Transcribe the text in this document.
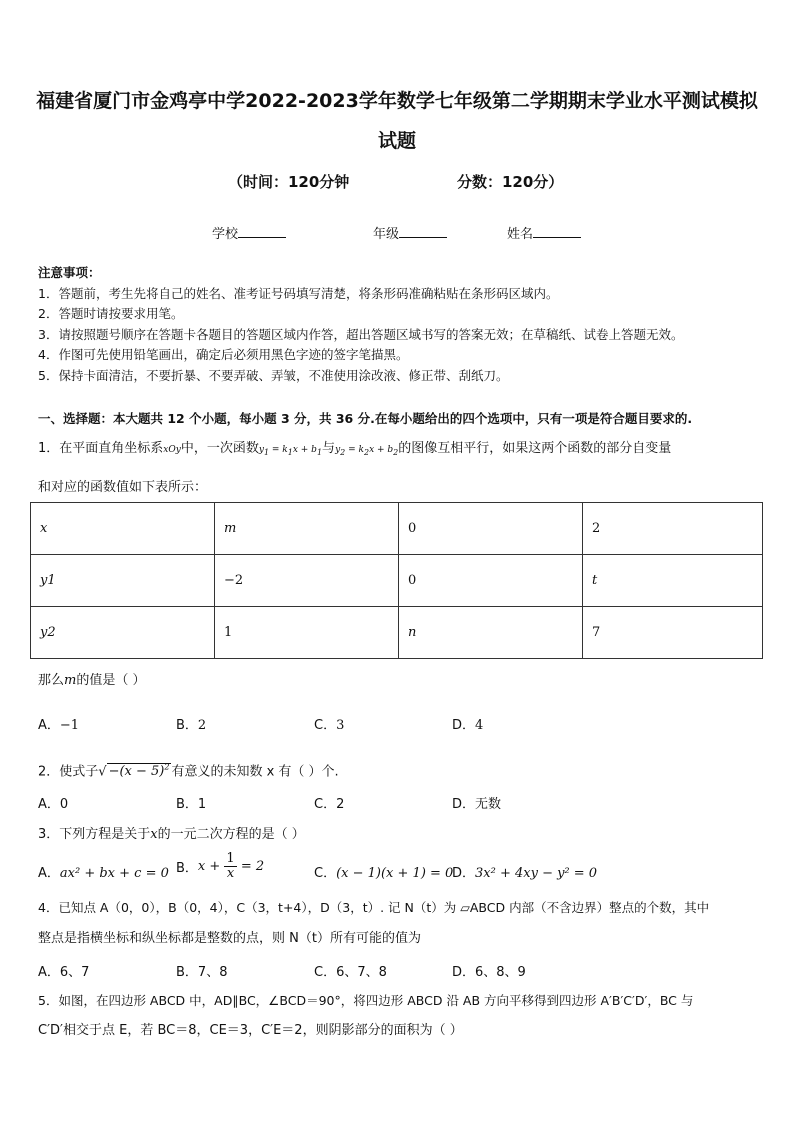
福建省厦门市金鸡亭中学2022-2023学年数学七年级第二学期期末学业水平测试模拟
试题
（时间：120分钟	分数：120分）
学校	年级	姓名
注意事项：
1．答题前，考生先将自己的姓名、准考证号码填写清楚，将条形码准确粘贴在条形码区域内。
2．答题时请按要求用笔。
3．请按照题号顺序在答题卡各题目的答题区域内作答，超出答题区域书写的答案无效；在草稿纸、试卷上答题无效。
4．作图可先使用铅笔画出，确定后必须用黑色字迹的签字笔描黑。
5．保持卡面清洁，不要折暴、不要弄破、弄皱，不准使用涂改液、修正带、刮纸刀。
一、选择题：本大题共 12 个小题，每小题 3 分，共 36 分.在每小题给出的四个选项中，只有一项是符合题目要求的.
1．在平面直角坐标系xOy中，一次函数$y_1 = k_1x + b_1$与$y_2 = k_2x + b_2$的图像互相平行，如果这两个函数的部分自变量
和对应的函数值如下表所示：
x	m	0	2
y1	−2	0	t
y2	1	n	7
那么m的值是（ ）
A．−1	B．2	C．3	D．4
2．使式子√ $-(x - 5)^2$ 有意义的未知数 x 有（ ）个.
A．0	B．1	C．2	D．无数
3．下列方程是关于x的一元二次方程的是（ ）
A．ax² + bx + c = 0 B．$x + \frac{1}{x} = 2$	C．(x − 1)(x + 1) = 0
D．3x² + 4xy − y² = 0
4．已知点 A（0，0），B（0，4），C（3，t+4），D（3，t）. 记 N（t）为 ▱ABCD 内部（不含边界）整点的个数，其中
整点是指横坐标和纵坐标都是整数的点，则 N（t）所有可能的值为
A．6、7	B．7、8	C．6、7、8	D．6、8、9
5．如图，在四边形 ABCD 中，AD∥BC，∠BCD＝90°，将四边形 ABCD 沿 AB 方向平移得到四边形 A′B′C′D′，BC 与
C′D′相交于点 E，若 BC＝8，CE＝3，C′E＝2，则阴影部分的面积为（ ）
